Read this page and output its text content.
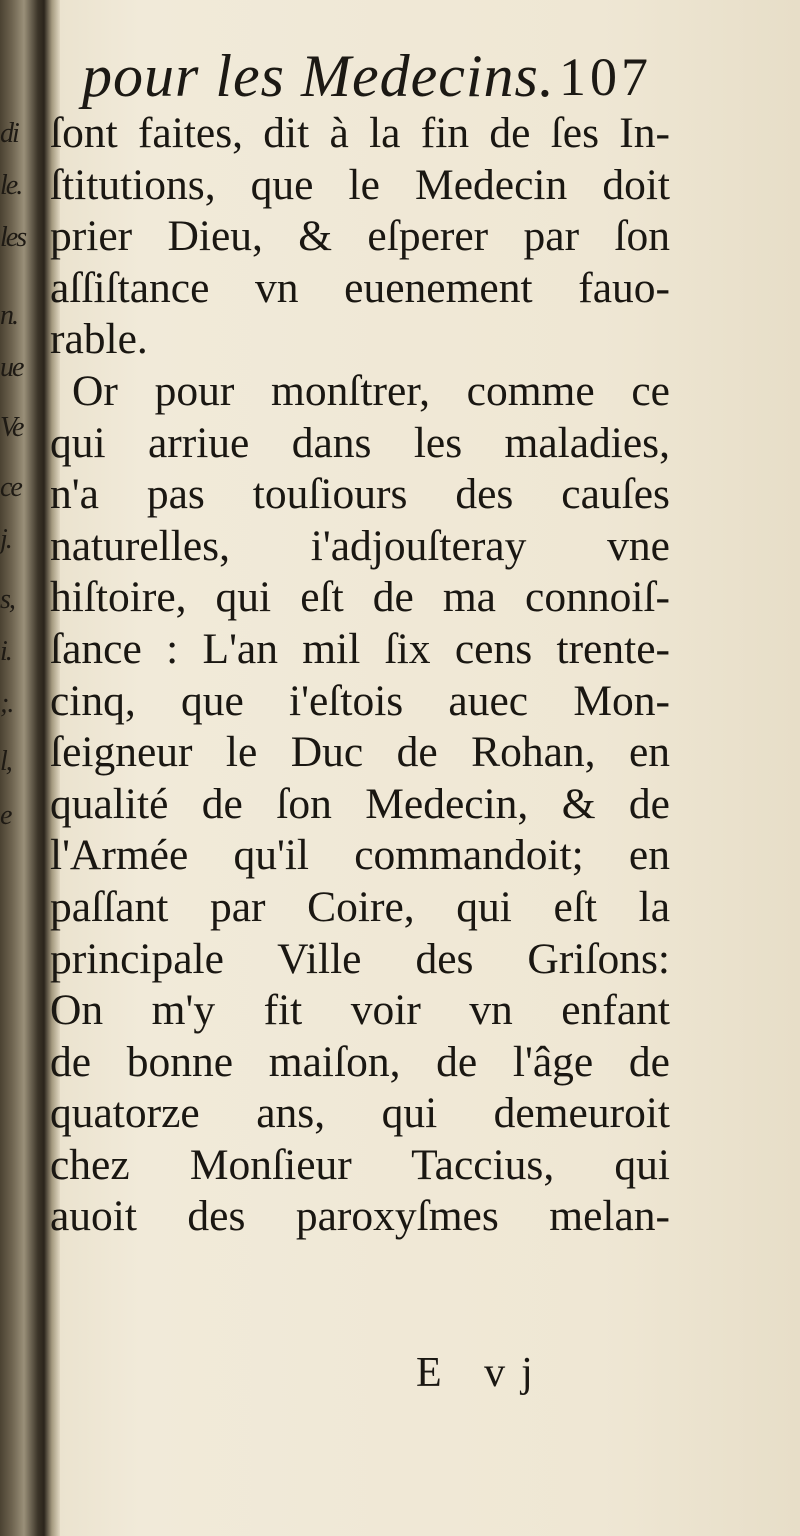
di
le.
les
n.
ue
Ve
ce
j.
s,
i.
;.
l,
e
pour les Medecins. 107
ſont faites, dit à la fin de ſes In-
ſtitutions, que le Medecin doit
prier Dieu, & eſperer par ſon
aſſiſtance vn euenement fauo-
rable.
Or pour monſtrer, comme ce
qui arriue dans les maladies,
n'a pas touſiours des cauſes
naturelles, i'adjouſteray vne
hiſtoire, qui eſt de ma connoiſ-
ſance : L'an mil ſix cens trente-
cinq, que i'eſtois auec Mon-
ſeigneur le Duc de Rohan, en
qualité de ſon Medecin, & de
l'Armée qu'il commandoit; en
paſſant par Coire, qui eſt la
principale Ville des Griſons:
On m'y fit voir vn enfant
de bonne maiſon, de l'âge de
quatorze ans, qui demeuroit
chez Monſieur Taccius, qui
auoit des paroxyſmes melan-
E vj
